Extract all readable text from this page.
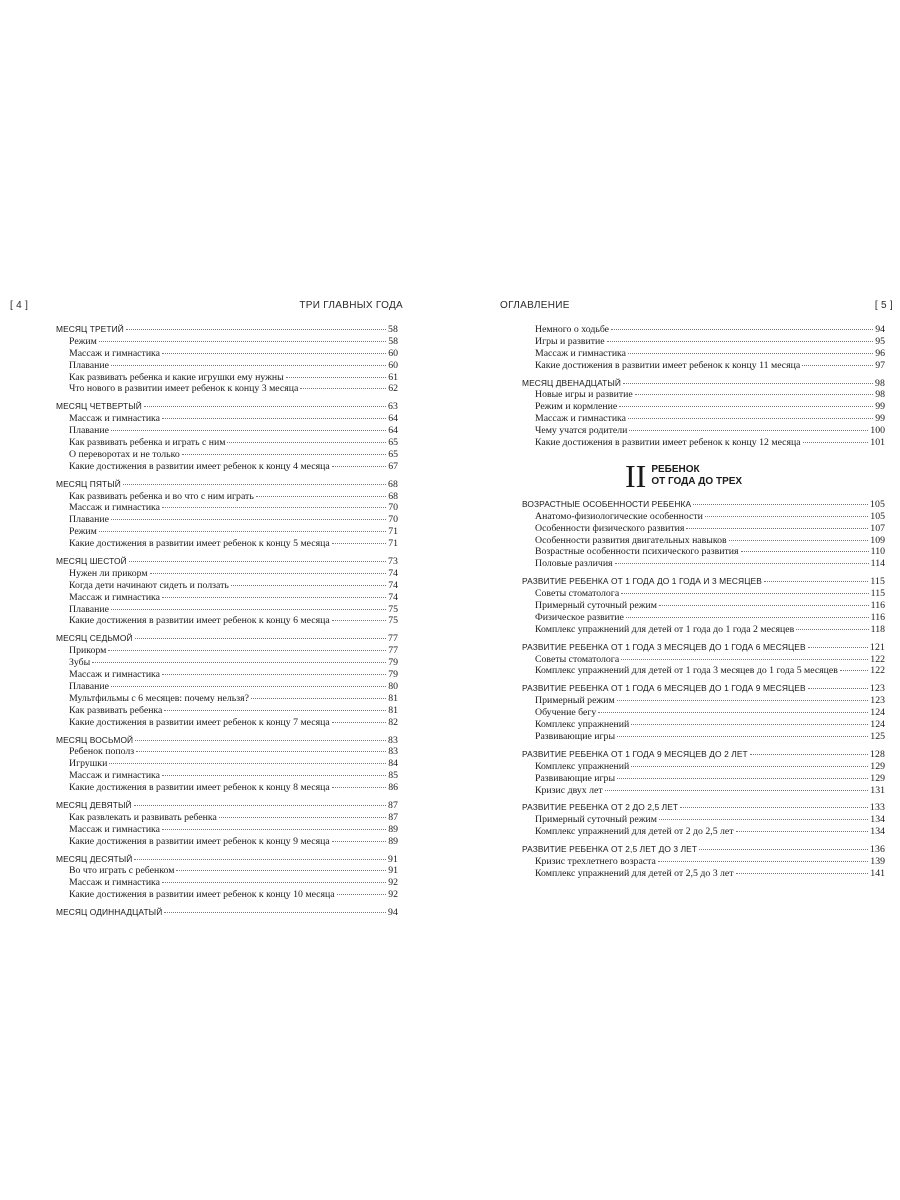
[ 4 ]	ТРИ ГЛАВНЫХ ГОДА
МЕСЯЦ ТРЕТИЙ	58
Режим	58
Массаж и гимнастика	60
Плавание	60
Как развивать ребенка и какие игрушки ему нужны	61
Что нового в развитии имеет ребенок к концу 3 месяца	62
МЕСЯЦ ЧЕТВЕРТЫЙ	63
Массаж и гимнастика	64
Плавание	64
Как развивать ребенка и играть с ним	65
О переворотах и не только	65
Какие достижения в развитии имеет ребенок к концу 4 месяца	67
МЕСЯЦ ПЯТЫЙ	68
Как развивать ребенка и во что с ним играть	68
Массаж и гимнастика	70
Плавание	70
Режим	71
Какие достижения в развитии имеет ребенок к концу 5 месяца	71
МЕСЯЦ ШЕСТОЙ	73
Нужен ли прикорм	74
Когда дети начинают сидеть и ползать	74
Массаж и гимнастика	74
Плавание	75
Какие достижения в развитии имеет ребенок к концу 6 месяца	75
МЕСЯЦ СЕДЬМОЙ	77
Прикорм	77
Зубы	79
Массаж и гимнастика	79
Плавание	80
Мультфильмы с 6 месяцев: почему нельзя?	81
Как развивать ребенка	81
Какие достижения в развитии имеет ребенок к концу 7 месяца	82
МЕСЯЦ ВОСЬМОЙ	83
Ребенок пополз	83
Игрушки	84
Массаж и гимнастика	85
Какие достижения в развитии имеет ребенок к концу 8 месяца	86
МЕСЯЦ ДЕВЯТЫЙ	87
Как развлекать и развивать ребенка	87
Массаж и гимнастика	89
Какие достижения в развитии имеет ребенок к концу 9 месяца	89
МЕСЯЦ ДЕСЯТЫЙ	91
Во что играть с ребенком	91
Массаж и гимнастика	92
Какие достижения в развитии имеет ребенок к концу 10 месяца	92
МЕСЯЦ ОДИННАДЦАТЫЙ	94
[ 5 ]
ОГЛАВЛЕНИЕ
Немного о ходьбе	94
Игры и развитие	95
Массаж и гимнастика	96
Какие достижения в развитии имеет ребенок к концу 11 месяца	97
МЕСЯЦ ДВЕНАДЦАТЫЙ	98
Новые игры и развитие	98
Режим и кормление	99
Массаж и гимнастика	99
Чему учатся родители	100
Какие достижения в развитии имеет ребенок к концу 12 месяца	101
II РЕБЕНОК
ОТ ГОДА ДО ТРЕХ
ВОЗРАСТНЫЕ ОСОБЕННОСТИ РЕБЕНКА	105
Анатомо-физиологические особенности	105
Особенности физического развития	107
Особенности развития двигательных навыков	109
Возрастные особенности психического развития	110
Половые различия	114
РАЗВИТИЕ РЕБЕНКА ОТ 1 ГОДА ДО 1 ГОДА И 3 МЕСЯЦЕВ	115
Советы стоматолога	115
Примерный суточный режим	116
Физическое развитие	116
Комплекс упражнений для детей от 1 года до 1 года 2 месяцев	118
РАЗВИТИЕ РЕБЕНКА ОТ 1 ГОДА 3 МЕСЯЦЕВ ДО 1 ГОДА 6 МЕСЯЦЕВ	121
Советы стоматолога	122
Комплекс упражнений для детей от 1 года 3 месяцев до 1 года 5 месяцев	122
РАЗВИТИЕ РЕБЕНКА ОТ 1 ГОДА 6 МЕСЯЦЕВ ДО 1 ГОДА 9 МЕСЯЦЕВ	123
Примерный режим	123
Обучение бегу	124
Комплекс упражнений	124
Развивающие игры	125
РАЗВИТИЕ РЕБЕНКА ОТ 1 ГОДА 9 МЕСЯЦЕВ ДО 2 ЛЕТ	128
Комплекс упражнений	129
Развивающие игры	129
Кризис двух лет	131
РАЗВИТИЕ РЕБЕНКА ОТ 2 ДО 2,5 ЛЕТ	133
Примерный суточный режим	134
Комплекс упражнений для детей от 2 до 2,5 лет	134
РАЗВИТИЕ РЕБЕНКА ОТ 2,5 ЛЕТ ДО 3 ЛЕТ	136
Кризис трехлетнего возраста	139
Комплекс упражнений для детей от 2,5 до 3 лет	141
